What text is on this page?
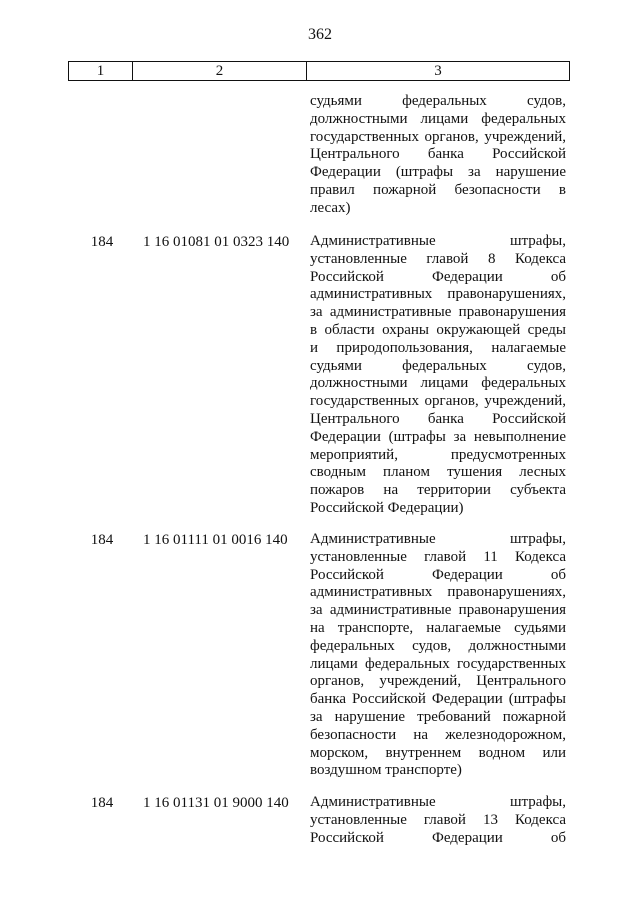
362
1	2	3
судьями федеральных судов,
должностными лицами федеральных
государственных органов, учреждений,
Центрального банка Российской
Федерации (штрафы за нарушение
правил пожарной безопасности в
лесах)
184	1 16 01081 01 0323 140	Административные штрафы,
установленные главой 8 Кодекса
Российской Федерации об
административных правонарушениях,
за административные правонарушения
в области охраны окружающей среды
и природопользования, налагаемые
судьями федеральных судов,
должностными лицами федеральных
государственных органов, учреждений,
Центрального банка Российской
Федерации (штрафы за невыполнение
мероприятий, предусмотренных
сводным планом тушения лесных
пожаров на территории субъекта
Российской Федерации)
184	1 16 01111 01 0016 140	Административные штрафы,
установленные главой 11 Кодекса
Российской Федерации об
административных правонарушениях,
за административные правонарушения
на транспорте, налагаемые судьями
федеральных судов, должностными
лицами федеральных государственных
органов, учреждений, Центрального
банка Российской Федерации (штрафы
за нарушение требований пожарной
безопасности на железнодорожном,
морском, внутреннем водном или
воздушном транспорте)
184	1 16 01131 01 9000 140	Административные штрафы,
установленные главой 13 Кодекса
Российской Федерации об
